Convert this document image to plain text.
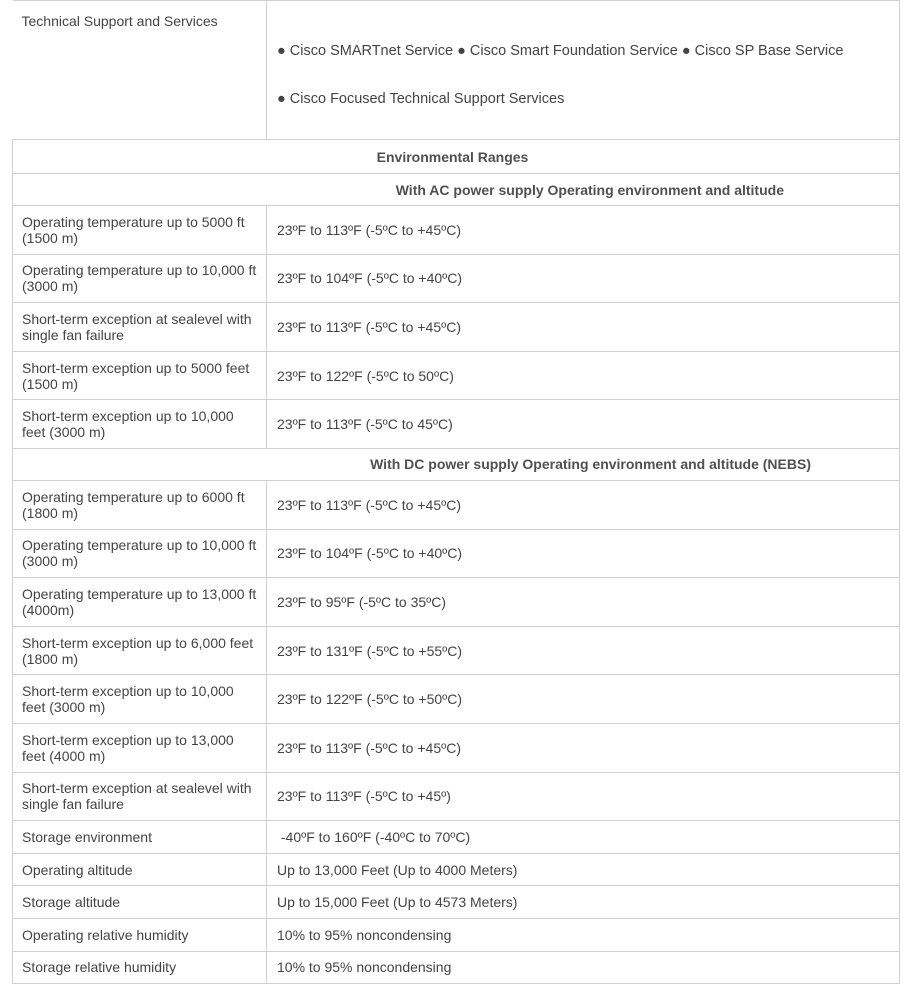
Technical Support and Services	● Cisco SMARTnet Service ● Cisco Smart Foundation Service ● Cisco SP Base Service

● Cisco Focused Technical Support Services

Environmental Ranges	
With AC power supply Operating environment and altitude	
Operating temperature up to 5000 ft (1500 m)	23ºF to 113ºF (-5ºC to +45ºC)
Operating temperature up to 10,000 ft (3000 m)	23ºF to 104ºF (-5ºC to +40ºC)
Short-term exception at sealevel with single fan failure	23ºF to 113ºF (-5ºC to +45ºC)
Short-term exception up to 5000 feet (1500 m)	23ºF to 122ºF (-5ºC to 50ºC)
Short-term exception up to 10,000 feet (3000 m)	23ºF to 113ºF (-5ºC to 45ºC)
With DC power supply Operating environment and altitude (NEBS)	
Operating temperature up to 6000 ft (1800 m)	23ºF to 113ºF (-5ºC to +45ºC)
Operating temperature up to 10,000 ft (3000 m)	23ºF to 104ºF (-5ºC to +40ºC)
Operating temperature up to 13,000 ft (4000m)	23ºF to 95ºF (-5ºC to 35ºC)
Short-term exception up to 6,000 feet (1800 m)	23ºF to 131ºF (-5ºC to +55ºC)
Short-term exception up to 10,000 feet (3000 m)	23ºF to 122ºF (-5ºC to +50ºC)
Short-term exception up to 13,000 feet (4000 m)	23ºF to 113ºF (-5ºC to +45ºC)
Short-term exception at sealevel with single fan failure	23ºF to 113ºF (-5ºC to +45º)
Storage environment	-40ºF to 160ºF (-40ºC to 70ºC)
Operating altitude	Up to 13,000 Feet (Up to 4000 Meters)
Storage altitude	Up to 15,000 Feet (Up to 4573 Meters)
Operating relative humidity	10% to 95% noncondensing
Storage relative humidity	10% to 95% noncondensing
